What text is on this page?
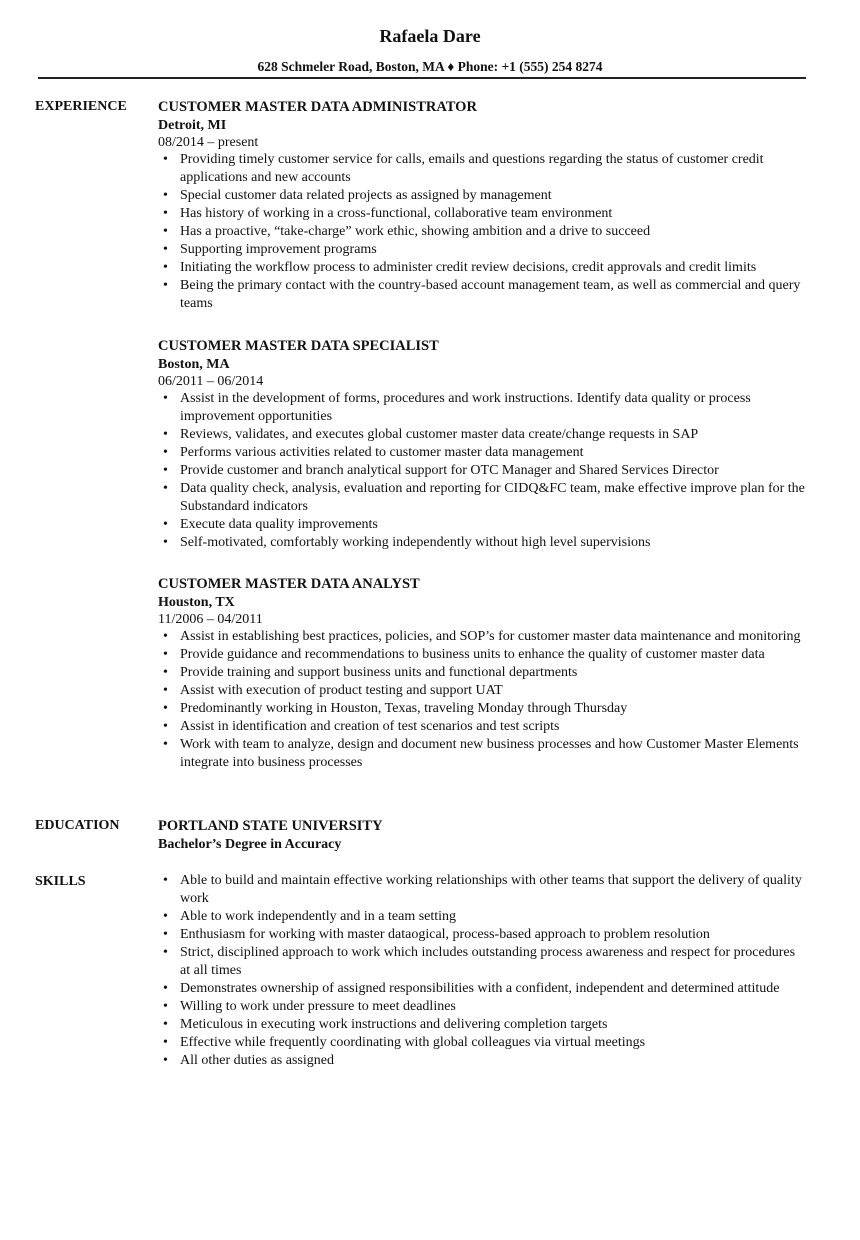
Rafaela Dare
628 Schmeler Road, Boston, MA ♦ Phone: +1 (555) 254 8274
EXPERIENCE CUSTOMER MASTER DATA ADMINISTRATOR
Detroit, MI
08/2014 – present
• Providing timely customer service for calls, emails and questions regarding the status of customer credit applications and new accounts
• Special customer data related projects as assigned by management
• Has history of working in a cross-functional, collaborative team environment
• Has a proactive, “take-charge” work ethic, showing ambition and a drive to succeed
• Supporting improvement programs
• Initiating the workflow process to administer credit review decisions, credit approvals and credit limits
• Being the primary contact with the country-based account management team, as well as commercial and query teams
CUSTOMER MASTER DATA SPECIALIST
Boston, MA
06/2011 – 06/2014
• Assist in the development of forms, procedures and work instructions. Identify data quality or process improvement opportunities
• Reviews, validates, and executes global customer master data create/change requests in SAP
• Performs various activities related to customer master data management
• Provide customer and branch analytical support for OTC Manager and Shared Services Director
• Data quality check, analysis, evaluation and reporting for CIDQ&FC team, make effective improve plan for the Substandard indicators
• Execute data quality improvements
• Self-motivated, comfortably working independently without high level supervisions
CUSTOMER MASTER DATA ANALYST
Houston, TX
11/2006 – 04/2011
• Assist in establishing best practices, policies, and SOP’s for customer master data maintenance and monitoring
• Provide guidance and recommendations to business units to enhance the quality of customer master data
• Provide training and support business units and functional departments
• Assist with execution of product testing and support UAT
• Predominantly working in Houston, Texas, traveling Monday through Thursday
• Assist in identification and creation of test scenarios and test scripts
• Work with team to analyze, design and document new business processes and how Customer Master Elements integrate into business processes
EDUCATION	PORTLAND STATE UNIVERSITY
Bachelor’s Degree in Accuracy
SKILLS
•	Able to build and maintain effective working relationships with other teams that support the delivery of quality work
• Able to work independently and in a team setting
• Enthusiasm for working with master dataogical, process-based approach to problem resolution
• Strict, disciplined approach to work which includes outstanding process awareness and respect for procedures at all times
• Demonstrates ownership of assigned responsibilities with a confident, independent and determined attitude
• Willing to work under pressure to meet deadlines
• Meticulous in executing work instructions and delivering completion targets
• Effective while frequently coordinating with global colleagues via virtual meetings
• All other duties as assigned
